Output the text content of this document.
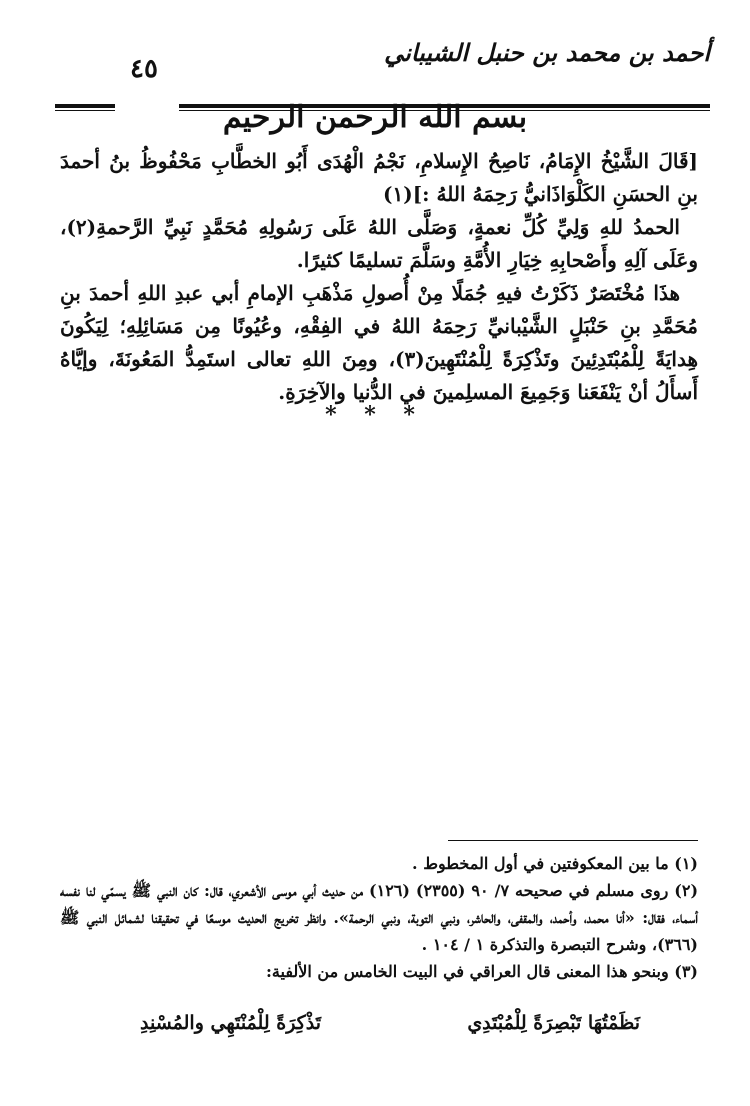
أحمد بن محمد بن حنبل الشيباني
٤٥
بسم الله الرحمن الرحيم

[قَالَ الشَّيْخُ الإِمَامُ، نَاصِحُ الإِسلامِ، نَجْمُ الْهُدَى أَبُو الخطَّابِ مَحْفُوظُ بنُ أحمدَ بنِ الحسَنِ الكَلْوَاذَانيُّ رَحِمَهُ اللهُ :](١)

الحمدُ للهِ وَلِيِّ كُلِّ نعمةٍ، وَصَلَّى اللهُ عَلَى رَسُولِهِ مُحَمَّدٍ نَبِيِّ الرَّحمةِ(٢)، وعَلَى آلِهِ وأَصْحابِهِ خِيَارِ الأُمَّةِ وسَلَّمَ تسليمًا كثيرًا.

هذَا مُخْتَصَرٌ ذَكَرْتُ فيهِ جُمَلًا مِنْ أُصولِ مَذْهَبِ الإمامِ أبي عبدِ اللهِ أحمدَ بنِ مُحَمَّدِ بنِ حَنْبَلٍ الشَّيْبانيِّ رَحِمَهُ اللهُ في الفِقْهِ، وعُيُونًا مِن مَسَائِلِهِ؛ لِيَكُونَ هِدايَةً لِلْمُبْتَدِئِينَ وتَذْكِرَةً لِلْمُنْتَهِينَ(٣)، ومِنَ اللهِ تعالى استَمِدُّ المَعُونَةَ، وإيَّاهُ أَسأَلُ أنْ يَنْفَعَنا وَجَمِيعَ المسلِمينَ في الدُّنيا والآخِرَةِ.

* * *

(١) ما بين المعكوفتين في أول المخطوط .

(٢) روى مسلم في صحيحه ٧/ ٩٠ (٢٣٥٥) (١٢٦) من حديث أبي موسى الأشعري، قال: كان النبي ﷺ يسمّي لنا نفسه أسماء، فقال: «أنا محمد، وأحمد، والمقفى، والحاشر، ونبي التوبة، ونبي الرحمة». وانظر تخريج الحديث موسعًا في تحقيقنا لشمائل النبي ﷺ (٣٦٦)، وشرح التبصرة والتذكرة ١ / ١٠٤ .

(٣) وبنحو هذا المعنى قال العراقي في البيت الخامس من الألفية:

نَظَمْتُهَا تَبْصِرَةً لِلْمُبْتَدِي
تَذْكِرَةً لِلْمُنْتَهِي والمُسْنِدِ
